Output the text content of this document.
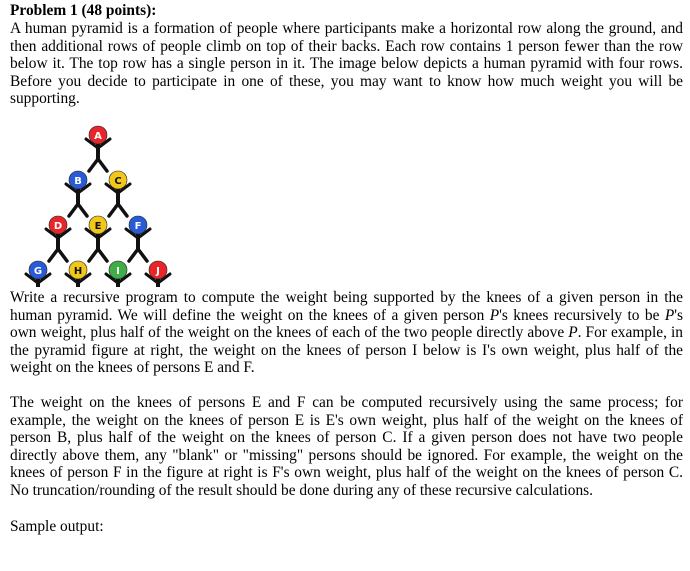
Problem 1 (48 points):

A human pyramid is a formation of people where participants make a horizontal row along the ground, and then additional rows of people climb on top of their backs. Each row contains 1 person fewer than the row below it. The top row has a single person in it. The image below depicts a human pyramid with four rows. Before you decide to participate in one of these, you may want to know how much weight you will be supporting.

A
B	C
D	E	F
G	H	I	J

Write a recursive program to compute the weight being supported by the knees of a given person in the human pyramid. We will define the weight on the knees of a given person P's knees recursively to be P's own weight, plus half of the weight on the knees of each of the two people directly above P. For example, in the pyramid figure at right, the weight on the knees of person I below is I's own weight, plus half of the weight on the knees of persons E and F.

The weight on the knees of persons E and F can be computed recursively using the same process; for example, the weight on the knees of person E is E's own weight, plus half of the weight on the knees of person B, plus half of the weight on the knees of person C. If a given person does not have two people directly above them, any "blank" or "missing" persons should be ignored. For example, the weight on the knees of person F in the figure at right is F's own weight, plus half of the weight on the knees of person C. No truncation/rounding of the result should be done during any of these recursive calculations.

Sample output:
